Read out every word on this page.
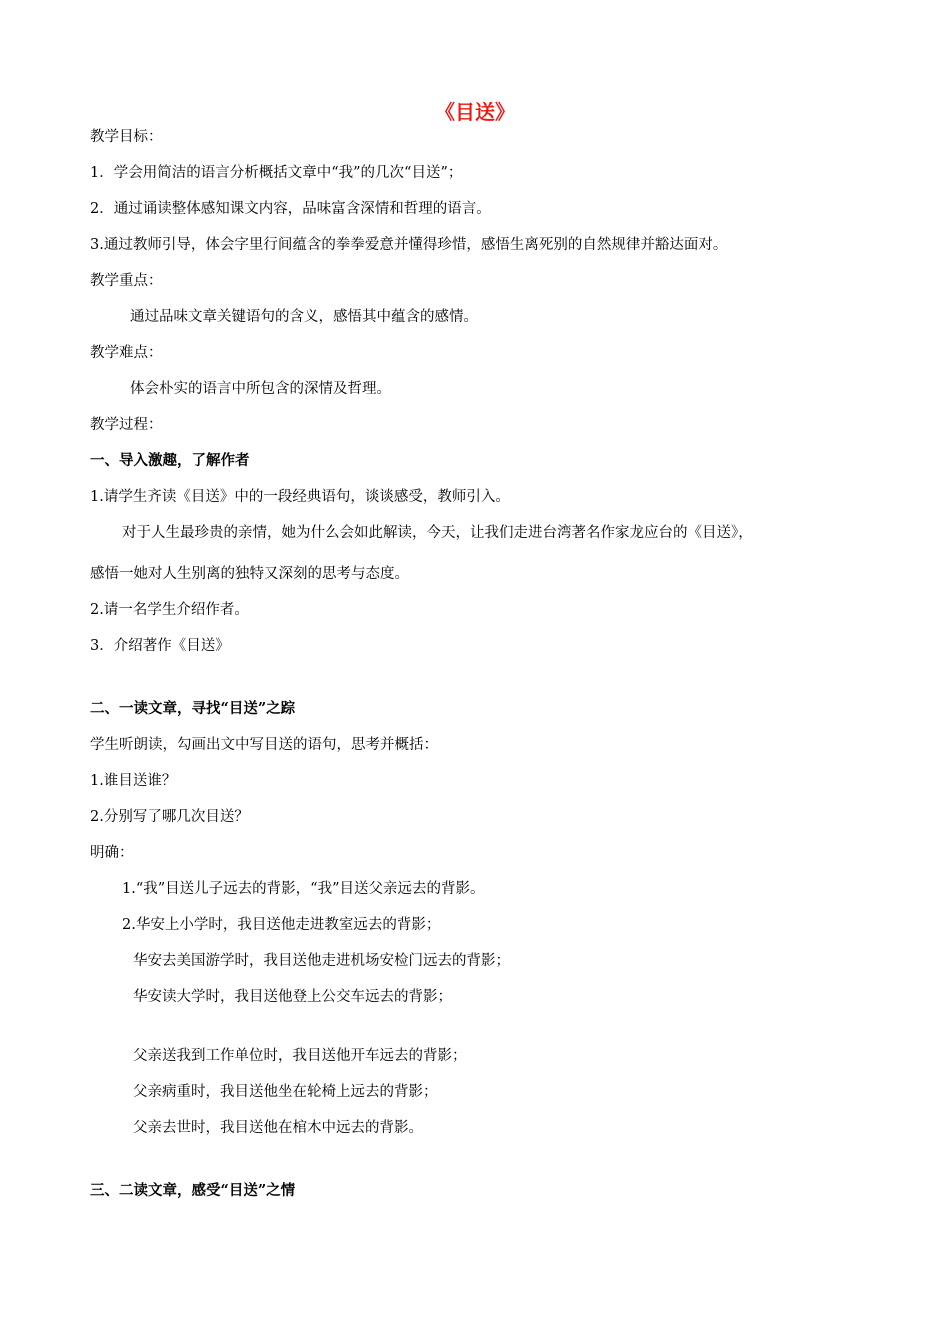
《目送》
教学目标：
1．学会用简洁的语言分析概括文章中“我”的几次“目送”；
2．通过诵读整体感知课文内容，品味富含深情和哲理的语言。
3.通过教师引导，体会字里行间蕴含的拳拳爱意并懂得珍惜，感悟生离死别的自然规律并豁达面对。
教学重点：
通过品味文章关键语句的含义，感悟其中蕴含的感情。
教学难点：
体会朴实的语言中所包含的深情及哲理。
教学过程：
一、导入激趣，了解作者
1.请学生齐读《目送》中的一段经典语句，谈谈感受，教师引入。
对于人生最珍贵的亲情，她为什么会如此解读，今天，让我们走进台湾著名作家龙应台的《目送》，
感悟一她对人生别离的独特又深刻的思考与态度。
2.请一名学生介绍作者。
3．介绍著作《目送》
二、一读文章，寻找“目送”之踪
学生听朗读，勾画出文中写目送的语句，思考并概括：
1.谁目送谁？
2.分别写了哪几次目送？
明确：
1.“我”目送儿子远去的背影，“我”目送父亲远去的背影。
2.华安上小学时，我目送他走进教室远去的背影；
华安去美国游学时，我目送他走进机场安检门远去的背影；
华安读大学时，我目送他登上公交车远去的背影；
父亲送我到工作单位时，我目送他开车远去的背影；
父亲病重时，我目送他坐在轮椅上远去的背影；
父亲去世时，我目送他在棺木中远去的背影。
三、二读文章，感受“目送”之情
